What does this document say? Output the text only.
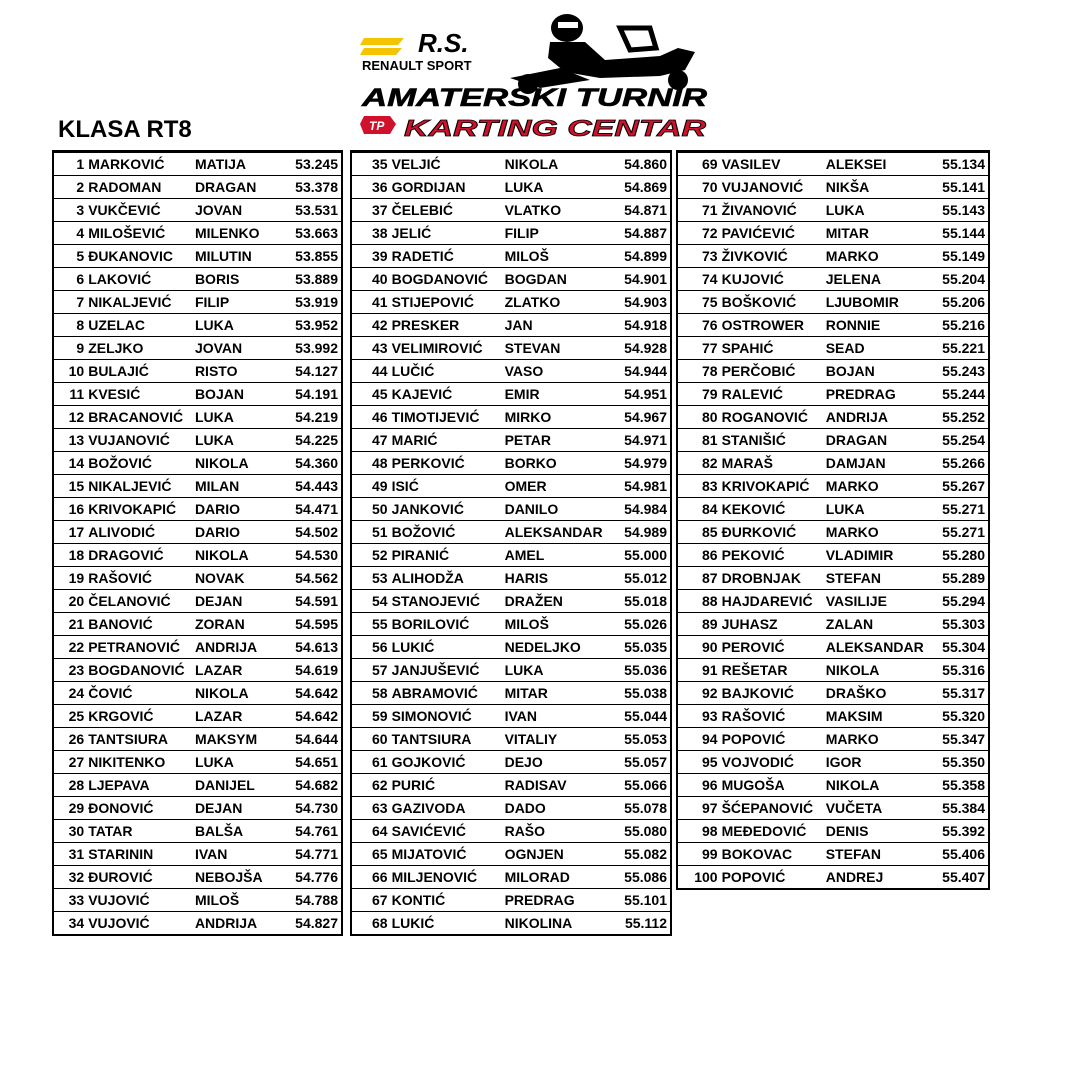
R.S.
RENAULT SPORT
AMATERSKI TURNIR
TP KARTING CENTAR
KLASA RT8
1	MARKOVIĆ	MATIJA	53.245
2	RADOMAN	DRAGAN	53.378
3	VUKČEVIĆ	JOVAN	53.531
4	MILOŠEVIĆ	MILENKO	53.663
5	ĐUKANOVIC	MILUTIN	53.855
6	LAKOVIĆ	BORIS	53.889
7	NIKALJEVIĆ	FILIP	53.919
8	UZELAC	LUKA	53.952
9	ZELJKO	JOVAN	53.992
10	BULAJIĆ	RISTO	54.127
11	KVESIĆ	BOJAN	54.191
12	BRACANOVIĆ	LUKA	54.219
13	VUJANOVIĆ	LUKA	54.225
14	BOŽOVIĆ	NIKOLA	54.360
15	NIKALJEVIĆ	MILAN	54.443
16	KRIVOKAPIĆ	DARIO	54.471
17	ALIVODIĆ	DARIO	54.502
18	DRAGOVIĆ	NIKOLA	54.530
19	RAŠOVIĆ	NOVAK	54.562
20	ČELANOVIĆ	DEJAN	54.591
21	BANOVIĆ	ZORAN	54.595
22	PETRANOVIĆ	ANDRIJA	54.613
23	BOGDANOVIĆ	LAZAR	54.619
24	ČOVIĆ	NIKOLA	54.642
25	KRGOVIĆ	LAZAR	54.642
26	TANTSIURA	MAKSYM	54.644
27	NIKITENKO	LUKA	54.651
28	LJEPAVA	DANIJEL	54.682
29	ĐONOVIĆ	DEJAN	54.730
30	TATAR	BALŠA	54.761
31	STARININ	IVAN	54.771
32	ĐUROVIĆ	NEBOJŠA	54.776
33	VUJOVIĆ	MILOŠ	54.788
34	VUJOVIĆ	ANDRIJA	54.827
35	VELJIĆ	NIKOLA	54.860
36	GORDIJAN	LUKA	54.869
37	ČELEBIĆ	VLATKO	54.871
38	JELIĆ	FILIP	54.887
39	RADETIĆ	MILOŠ	54.899
40	BOGDANOVIĆ	BOGDAN	54.901
41	STIJEPOVIĆ	ZLATKO	54.903
42	PRESKER	JAN	54.918
43	VELIMIROVIĆ	STEVAN	54.928
44	LUČIĆ	VASO	54.944
45	KAJEVIĆ	EMIR	54.951
46	TIMOTIJEVIĆ	MIRKO	54.967
47	MARIĆ	PETAR	54.971
48	PERKOVIĆ	BORKO	54.979
49	ISIĆ	OMER	54.981
50	JANKOVIĆ	DANILO	54.984
51	BOŽOVIĆ	ALEKSANDAR	54.989
52	PIRANIĆ	AMEL	55.000
53	ALIHODŽA	HARIS	55.012
54	STANOJEVIĆ	DRAŽEN	55.018
55	BORILOVIĆ	MILOŠ	55.026
56	LUKIĆ	NEDELJKO	55.035
57	JANJUŠEVIĆ	LUKA	55.036
58	ABRAMOVIĆ	MITAR	55.038
59	SIMONOVIĆ	IVAN	55.044
60	TANTSIURA	VITALIY	55.053
61	GOJKOVIĆ	DEJO	55.057
62	PURIĆ	RADISAV	55.066
63	GAZIVODA	DADO	55.078
64	SAVIĆEVIĆ	RAŠO	55.080
65	MIJATOVIĆ	OGNJEN	55.082
66	MILJENOVIĆ	MILORAD	55.086
67	KONTIĆ	PREDRAG	55.101
68	LUKIĆ	NIKOLINA	55.112
69	VASILEV	ALEKSEI	55.134
70	VUJANOVIĆ	NIKŠA	55.141
71	ŽIVANOVIĆ	LUKA	55.143
72	PAVIĆEVIĆ	MITAR	55.144
73	ŽIVKOVIĆ	MARKO	55.149
74	KUJOVIĆ	JELENA	55.204
75	BOŠKOVIĆ	LJUBOMIR	55.206
76	OSTROWER	RONNIE	55.216
77	SPAHIĆ	SEAD	55.221
78	PERČOBIĆ	BOJAN	55.243
79	RALEVIĆ	PREDRAG	55.244
80	ROGANOVIĆ	ANDRIJA	55.252
81	STANIŠIĆ	DRAGAN	55.254
82	MARAŠ	DAMJAN	55.266
83	KRIVOKAPIĆ	MARKO	55.267
84	KEKOVIĆ	LUKA	55.271
85	ĐURKOVIĆ	MARKO	55.271
86	PEKOVIĆ	VLADIMIR	55.280
87	DROBNJAK	STEFAN	55.289
88	HAJDAREVIĆ	VASILIJE	55.294
89	JUHASZ	ZALAN	55.303
90	PEROVIĆ	ALEKSANDAR	55.304
91	REŠETAR	NIKOLA	55.316
92	BAJKOVIĆ	DRAŠKO	55.317
93	RAŠOVIĆ	MAKSIM	55.320
94	POPOVIĆ	MARKO	55.347
95	VOJVODIĆ	IGOR	55.350
96	MUGOŠA	NIKOLA	55.358
97	ŠĆEPANOVIĆ	VUČETA	55.384
98	MEĐEDOVIĆ	DENIS	55.392
99	BOKOVAC	STEFAN	55.406
100	POPOVIĆ	ANDREJ	55.407
